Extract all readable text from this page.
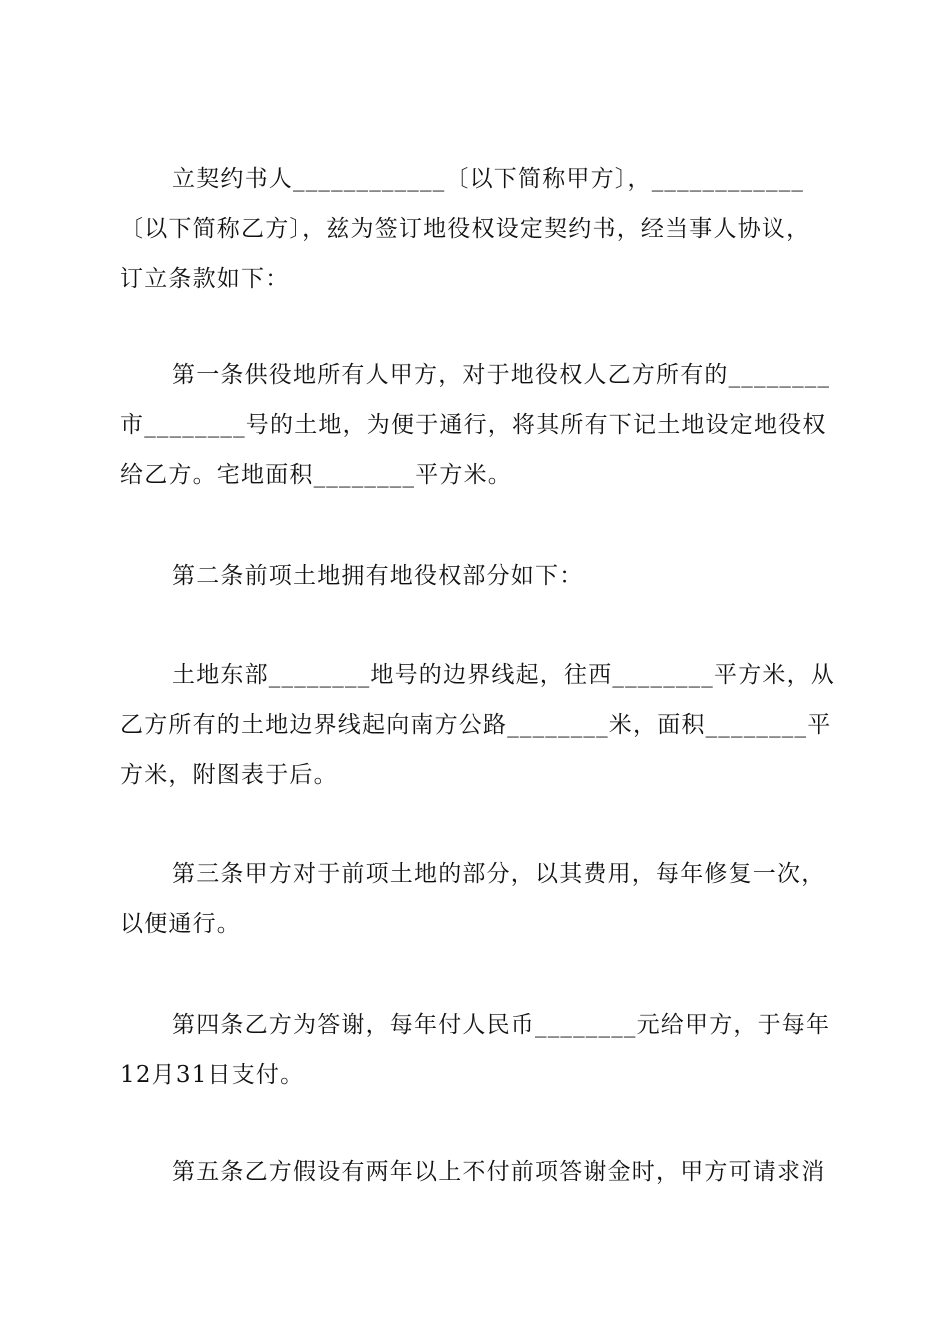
立契约书人____________〔以下简称甲方〕，____________
〔以下简称乙方〕，兹为签订地役权设定契约书，经当事人协议，
订立条款如下：
第一条供役地所有人甲方，对于地役权人乙方所有的________
市________号的土地，为便于通行，将其所有下记土地设定地役权
给乙方。宅地面积________平方米。
第二条前项土地拥有地役权部分如下：
土地东部________地号的边界线起，往西________平方米，从
乙方所有的土地边界线起向南方公路________米，面积________平
方米，附图表于后。
第三条甲方对于前项土地的部分，以其费用，每年修复一次，
以便通行。
第四条乙方为答谢，每年付人民币________元给甲方，于每年
12月31日支付。
第五条乙方假设有两年以上不付前项答谢金时，甲方可请求消
